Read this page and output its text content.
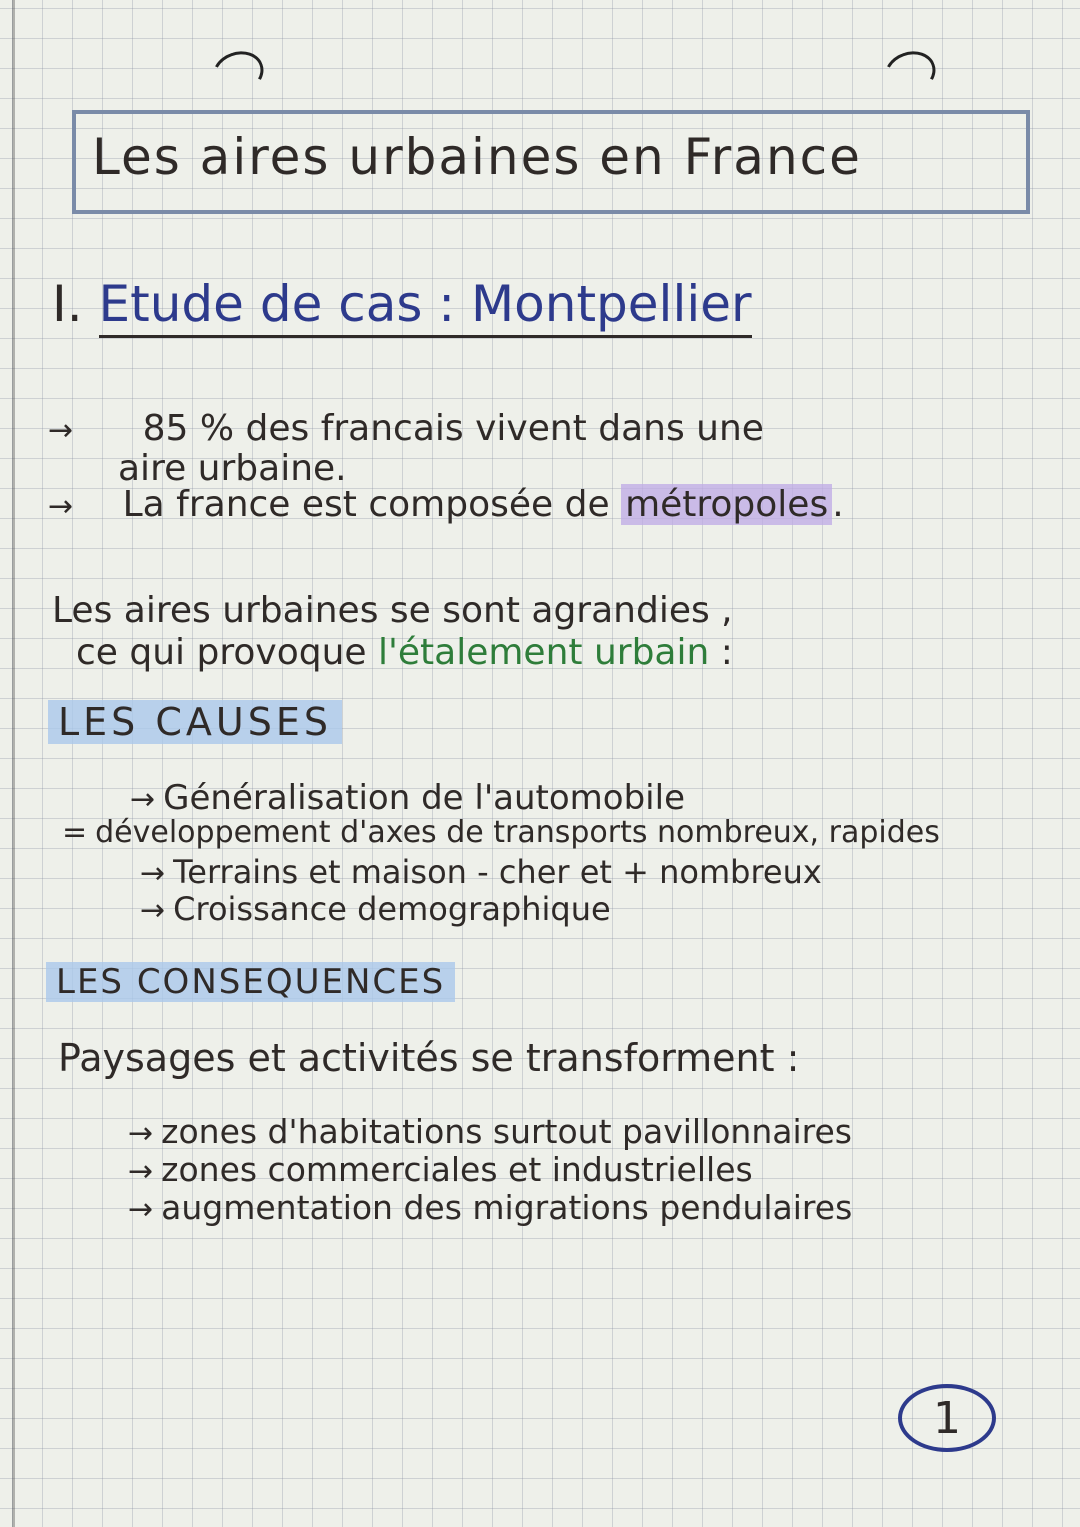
Les aires urbaines en France
I. Etude de cas : Montpellier
→ 85 % des francais vivent dans une
aire urbaine.
→ La france est composée de métropoles .
Les aires urbaines se sont agrandies ,
ce qui provoque l'étalement urbain :
LES CAUSES
→ Généralisation de l'automobile
= développement d'axes de transports nombreux, rapides
→ Terrains et maison - cher et + nombreux
→ Croissance demographique
LES CONSEQUENCES
Paysages et activités se transforment :
→ zones d'habitations surtout pavillonnaires
→ zones commerciales et industrielles
→ augmentation des migrations pendulaires
1
